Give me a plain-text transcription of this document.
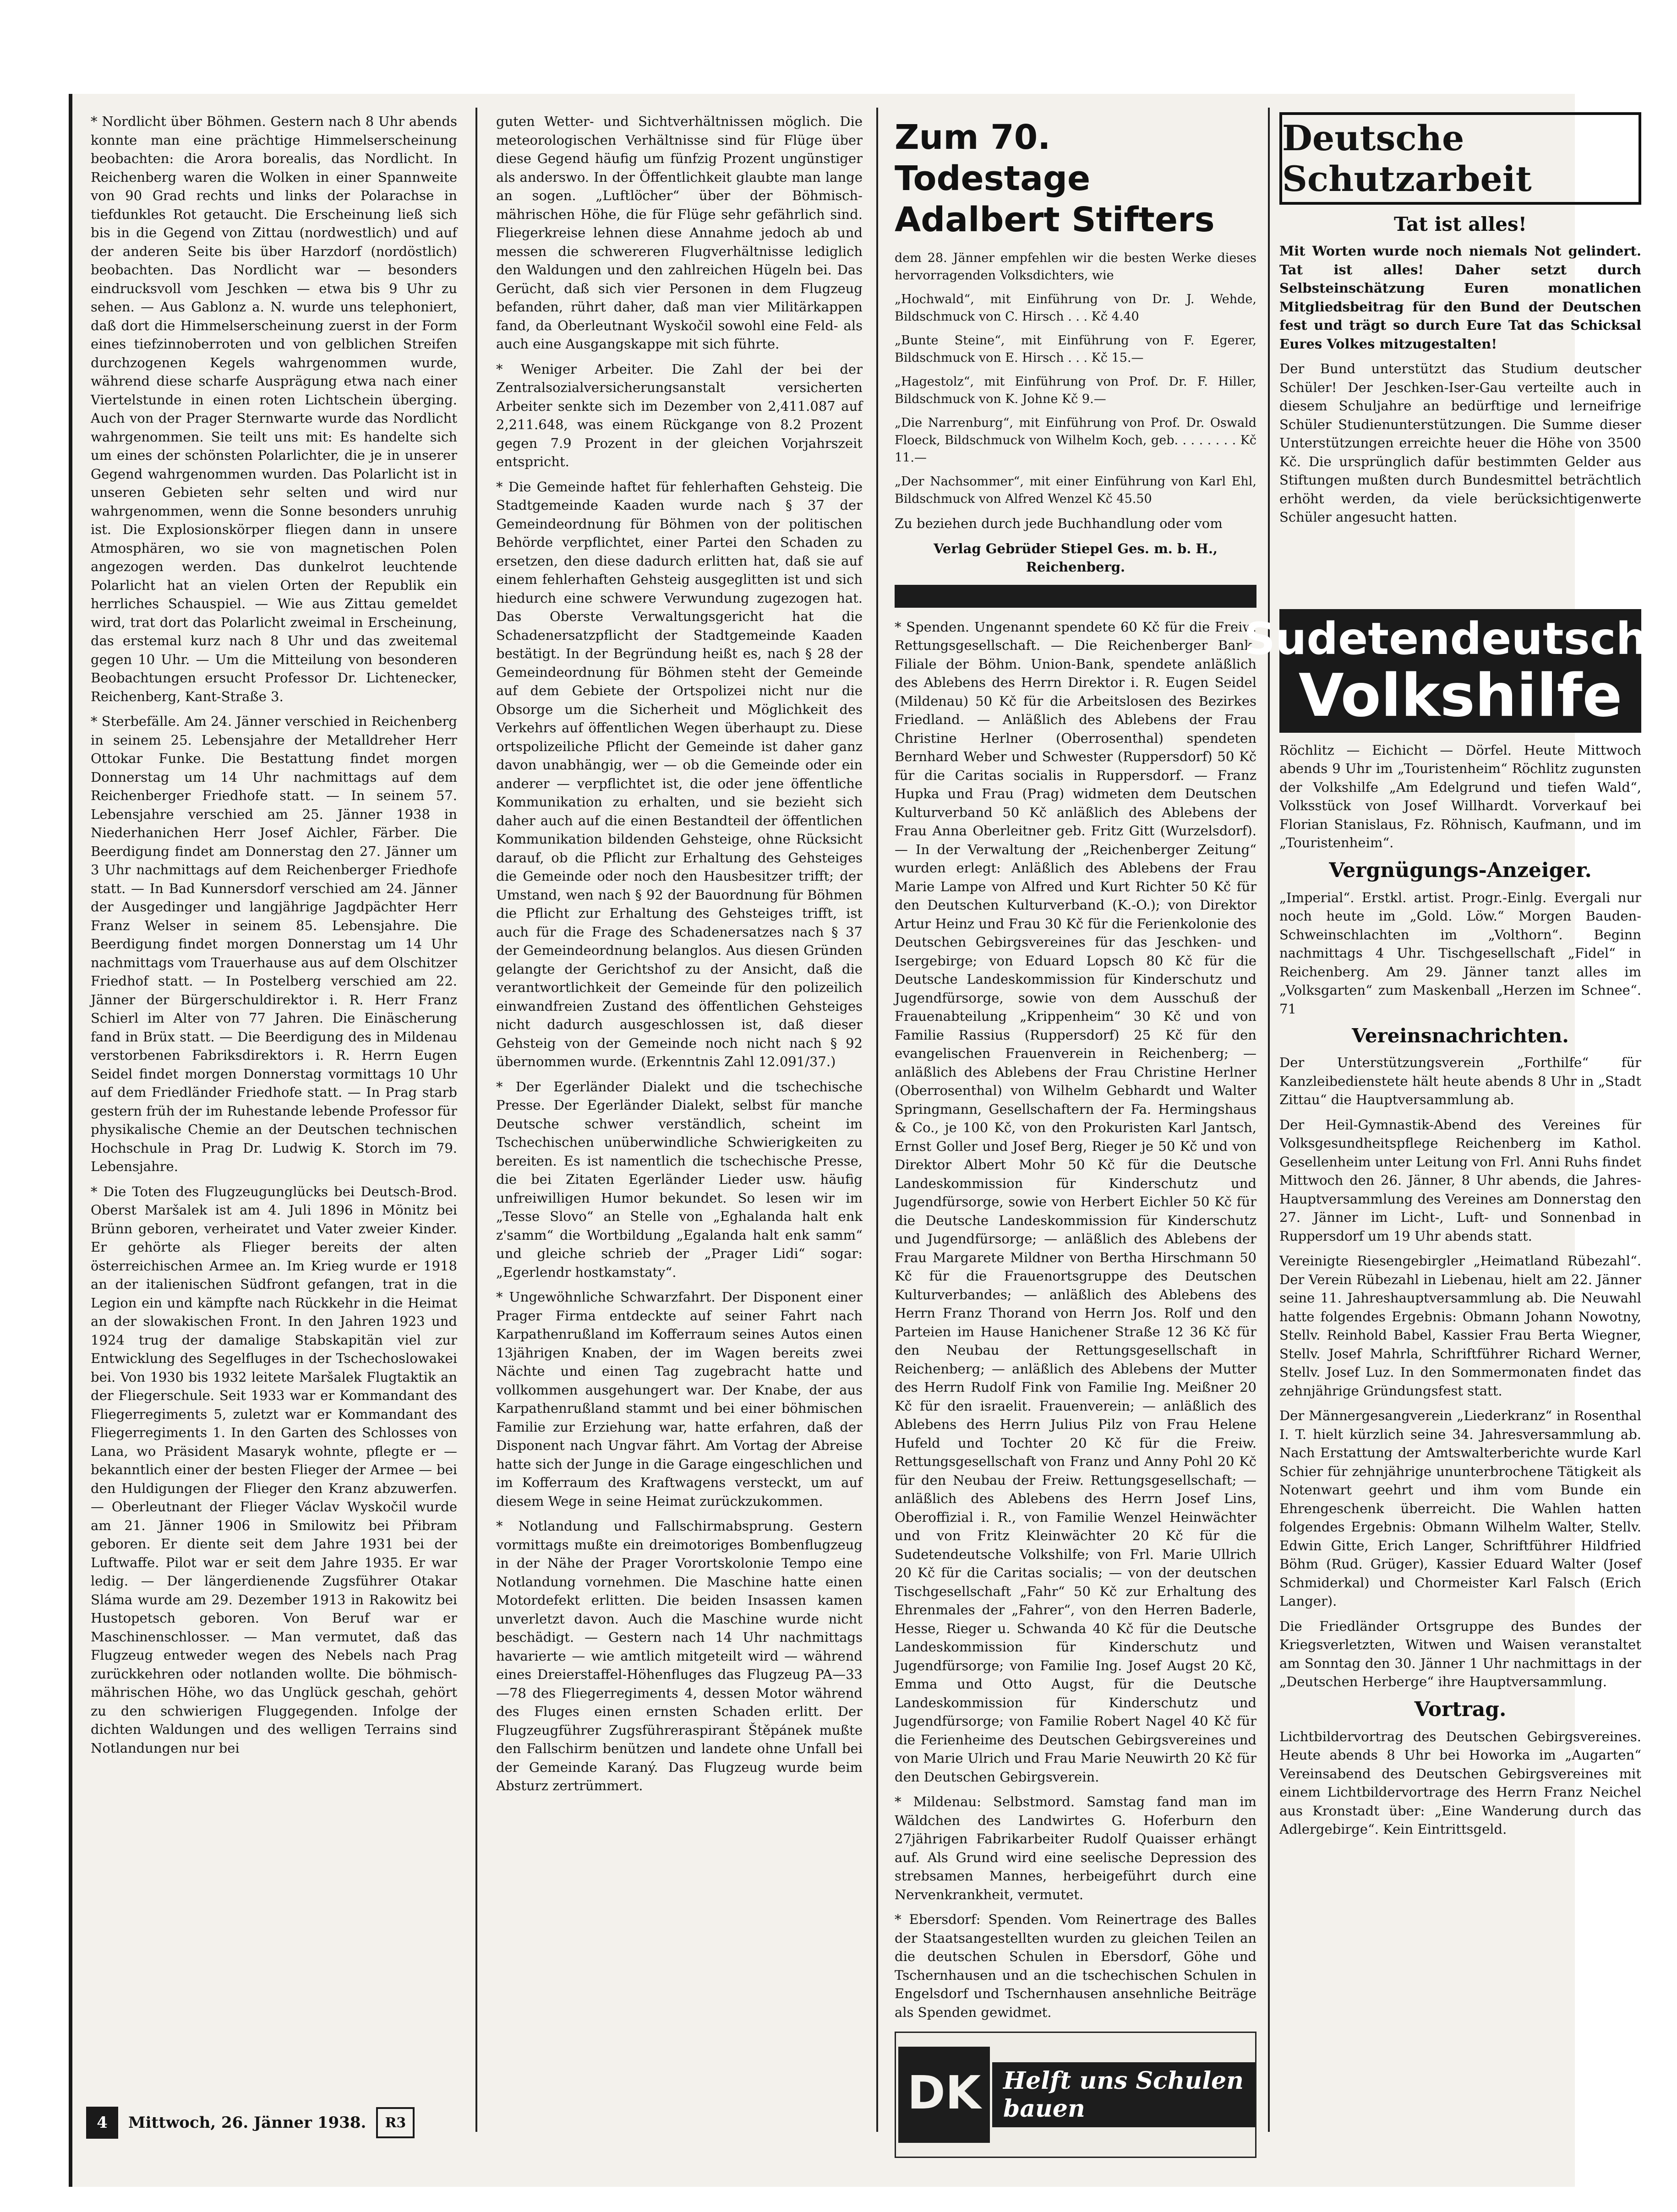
* Nordlicht über Böhmen. Gestern nach 8 Uhr abends konnte man eine prächtige Himmelserscheinung beobachten: die Arora borealis, das Nordlicht. In Reichenberg waren die Wolken in einer Spannweite von 90 Grad rechts und links der Polarachse in tiefdunkles Rot getaucht. Die Erscheinung ließ sich bis in die Gegend von Zittau (nordwestlich) und auf der anderen Seite bis über Harzdorf (nordöstlich) beobachten. Das Nordlicht war — besonders eindrucksvoll vom Jeschken — etwa bis 9 Uhr zu sehen. — Aus Gablonz a. N. wurde uns telephoniert, daß dort die Himmelserscheinung zuerst in der Form eines tiefzinnoberroten und von gelblichen Streifen durchzogenen Kegels wahrgenommen wurde, während diese scharfe Ausprägung etwa nach einer Viertelstunde in einen roten Lichtschein überging. Auch von der Prager Sternwarte wurde das Nordlicht wahrgenommen. Sie teilt uns mit: Es handelte sich um eines der schönsten Polarlichter, die je in unserer Gegend wahrgenommen wurden. Das Polarlicht ist in unseren Gebieten sehr selten und wird nur wahrgenommen, wenn die Sonne besonders unruhig ist. Die Explosionskörper fliegen dann in unsere Atmosphären, wo sie von magnetischen Polen angezogen werden. Das dunkelrot leuchtende Polarlicht hat an vielen Orten der Republik ein herrliches Schauspiel. — Wie aus Zittau gemeldet wird, trat dort das Polarlicht zweimal in Erscheinung, das erstemal kurz nach 8 Uhr und das zweitemal gegen 10 Uhr. — Um die Mitteilung von besonderen Beobachtungen ersucht Professor Dr. Lichtenecker, Reichenberg, Kant-Straße 3.

* Sterbefälle. Am 24. Jänner verschied in Reichenberg in seinem 25. Lebensjahre der Metalldreher Herr Ottokar Funke. Die Bestattung findet morgen Donnerstag um 14 Uhr nachmittags auf dem Reichenberger Friedhofe statt. — In seinem 57. Lebensjahre verschied am 25. Jänner 1938 in Niederhanichen Herr Josef Aichler, Färber. Die Beerdigung findet am Donnerstag den 27. Jänner um 3 Uhr nachmittags auf dem Reichenberger Friedhofe statt. — In Bad Kunnersdorf verschied am 24. Jänner der Ausgedinger und langjährige Jagdpächter Herr Franz Welser in seinem 85. Lebensjahre. Die Beerdigung findet morgen Donnerstag um 14 Uhr nachmittags vom Trauerhause aus auf dem Olschitzer Friedhof statt. — In Postelberg verschied am 22. Jänner der Bürgerschuldirektor i. R. Herr Franz Schierl im Alter von 77 Jahren. Die Einäscherung fand in Brüx statt. — Die Beerdigung des in Mildenau verstorbenen Fabriksdirektors i. R. Herrn Eugen Seidel findet morgen Donnerstag vormittags 10 Uhr auf dem Friedländer Friedhofe statt. — In Prag starb gestern früh der im Ruhestande lebende Professor für physikalische Chemie an der Deutschen technischen Hochschule in Prag Dr. Ludwig K. Storch im 79. Lebensjahre.

* Die Toten des Flugzeugunglücks bei Deutsch-Brod. Oberst Maršalek ist am 4. Juli 1896 in Mönitz bei Brünn geboren, verheiratet und Vater zweier Kinder. Er gehörte als Flieger bereits der alten österreichischen Armee an. Im Krieg wurde er 1918 an der italienischen Südfront gefangen, trat in die Legion ein und kämpfte nach Rückkehr in die Heimat an der slowakischen Front. In den Jahren 1923 und 1924 trug der damalige Stabskapitän viel zur Entwicklung des Segelfluges in der Tschechoslowakei bei. Von 1930 bis 1932 leitete Maršalek Flugtaktik an der Fliegerschule. Seit 1933 war er Kommandant des Fliegerregiments 5, zuletzt war er Kommandant des Fliegerregiments 1. In den Garten des Schlosses von Lana, wo Präsident Masaryk wohnte, pflegte er — bekanntlich einer der besten Flieger der Armee — bei den Huldigungen der Flieger den Kranz abzuwerfen. — Oberleutnant der Flieger Václav Wyskočil wurde am 21. Jänner 1906 in Smilowitz bei Přibram geboren. Er diente seit dem Jahre 1931 bei der Luftwaffe. Pilot war er seit dem Jahre 1935. Er war ledig. — Der längerdienende Zugsführer Otakar Sláma wurde am 29. Dezember 1913 in Rakowitz bei Hustopetsch geboren. Von Beruf war er Maschinenschlosser. — Man vermutet, daß das Flugzeug entweder wegen des Nebels nach Prag zurückkehren oder notlanden wollte. Die böhmisch-mährischen Höhe, wo das Unglück geschah, gehört zu den schwierigen Fluggegenden. Infolge der dichten Waldungen und des welligen Terrains sind Notlandungen nur bei

4	Mittwoch, 26. Jänner 1938.	R3

guten Wetter- und Sichtverhältnissen möglich. Die meteorologischen Verhältnisse sind für Flüge über diese Gegend häufig um fünfzig Prozent ungünstiger als anderswo. In der Öffentlichkeit glaubte man lange an sogen. „Luftlöcher“ über der Böhmisch-mährischen Höhe, die für Flüge sehr gefährlich sind. Fliegerkreise lehnen diese Annahme jedoch ab und messen die schwereren Flugverhältnisse lediglich den Waldungen und den zahlreichen Hügeln bei. Das Gerücht, daß sich vier Personen in dem Flugzeug befanden, rührt daher, daß man vier Militärkappen fand, da Oberleutnant Wyskočil sowohl eine Feld- als auch eine Ausgangskappe mit sich führte.

* Weniger Arbeiter. Die Zahl der bei der Zentralsozialversicherungsanstalt versicherten Arbeiter senkte sich im Dezember von 2,411.087 auf 2,211.648, was einem Rückgange von 8.2 Prozent gegen 7.9 Prozent in der gleichen Vorjahrszeit entspricht.

* Die Gemeinde haftet für fehlerhaften Gehsteig. Die Stadtgemeinde Kaaden wurde nach § 37 der Gemeindeordnung für Böhmen von der politischen Behörde verpflichtet, einer Partei den Schaden zu ersetzen, den diese dadurch erlitten hat, daß sie auf einem fehlerhaften Gehsteig ausgeglitten ist und sich hiedurch eine schwere Verwundung zugezogen hat. Das Oberste Verwaltungsgericht hat die Schadenersatzpflicht der Stadtgemeinde Kaaden bestätigt. In der Begründung heißt es, nach § 28 der Gemeindeordnung für Böhmen steht der Gemeinde auf dem Gebiete der Ortspolizei nicht nur die Obsorge um die Sicherheit und Möglichkeit des Verkehrs auf öffentlichen Wegen überhaupt zu. Diese ortspolizeiliche Pflicht der Gemeinde ist daher ganz davon unabhängig, wer — ob die Gemeinde oder ein anderer — verpflichtet ist, die oder jene öffentliche Kommunikation zu erhalten, und sie bezieht sich daher auch auf die einen Bestandteil der öffentlichen Kommunikation bildenden Gehsteige, ohne Rücksicht darauf, ob die Pflicht zur Erhaltung des Gehsteiges die Gemeinde oder noch den Hausbesitzer trifft; der Umstand, wen nach § 92 der Bauordnung für Böhmen die Pflicht zur Erhaltung des Gehsteiges trifft, ist auch für die Frage des Schadenersatzes nach § 37 der Gemeindeordnung belanglos. Aus diesen Gründen gelangte der Gerichtshof zu der Ansicht, daß die verantwortlichkeit der Gemeinde für den polizeilich einwandfreien Zustand des öffentlichen Gehsteiges nicht dadurch ausgeschlossen ist, daß dieser Gehsteig von der Gemeinde noch nicht nach § 92 übernommen wurde. (Erkenntnis Zahl 12.091/37.)

* Der Egerländer Dialekt und die tschechische Presse. Der Egerländer Dialekt, selbst für manche Deutsche schwer verständlich, scheint im Tschechischen unüberwindliche Schwierigkeiten zu bereiten. Es ist namentlich die tschechische Presse, die bei Zitaten Egerländer Lieder usw. häufig unfreiwilligen Humor bekundet. So lesen wir im „Tesse Slovo“ an Stelle von „Eghalanda halt enk z'samm“ die Wortbildung „Egalanda halt enk samm“ und gleiche schrieb der „Prager Lidi“ sogar: „Egerlendr hostkamstaty“.

* Ungewöhnliche Schwarzfahrt. Der Disponent einer Prager Firma entdeckte auf seiner Fahrt nach Karpathenrußland im Kofferraum seines Autos einen 13jährigen Knaben, der im Wagen bereits zwei Nächte und einen Tag zugebracht hatte und vollkommen ausgehungert war. Der Knabe, der aus Karpathenrußland stammt und bei einer böhmischen Familie zur Erziehung war, hatte erfahren, daß der Disponent nach Ungvar fährt. Am Vortag der Abreise hatte sich der Junge in die Garage eingeschlichen und im Kofferraum des Kraftwagens versteckt, um auf diesem Wege in seine Heimat zurückzukommen.

* Notlandung und Fallschirmabsprung. Gestern vormittags mußte ein dreimotoriges Bombenflugzeug in der Nähe der Prager Vorortskolonie Tempo eine Notlandung vornehmen. Die Maschine hatte einen Motordefekt erlitten. Die beiden Insassen kamen unverletzt davon. Auch die Maschine wurde nicht beschädigt. — Gestern nach 14 Uhr nachmittags havarierte — wie amtlich mitgeteilt wird — während eines Dreierstaffel-Höhenfluges das Flugzeug PA—33—78 des Fliegerregiments 4, dessen Motor während des Fluges einen ernsten Schaden erlitt. Der Flugzeugführer Zugsführeraspirant Štěpánek mußte den Fallschirm benützen und landete ohne Unfall bei der Gemeinde Karaný. Das Flugzeug wurde beim Absturz zertrümmert.

Zum 70. Todestage Adalbert Stifters

dem 28. Jänner empfehlen wir die besten Werke dieses hervorragenden Volksdichters, wie

„Hochwald“, mit Einführung von Dr. J. Wehde, Bildschmuck von C. Hirsch . . . Kč 4.40

„Bunte Steine“, mit Einführung von F. Egerer, Bildschmuck von E. Hirsch . . . Kč 15.—

„Hagestolz“, mit Einführung von Prof. Dr. F. Hiller, Bildschmuck von K. Johne Kč 9.—

„Die Narrenburg“, mit Einführung von Prof. Dr. Oswald Floeck, Bildschmuck von Wilhelm Koch, geb. . . . . . . . Kč 11.—

„Der Nachsommer“, mit einer Einführung von Karl Ehl, Bildschmuck von Alfred Wenzel Kč 45.50

Zu beziehen durch jede Buchhandlung oder vom

Verlag Gebrüder Stiepel Ges. m. b. H., Reichenberg.

* Spenden. Ungenannt spendete 60 Kč für die Freiw. Rettungsgesellschaft. — Die Reichenberger Bank, Filiale der Böhm. Union-Bank, spendete anläßlich des Ablebens des Herrn Direktor i. R. Eugen Seidel (Mildenau) 50 Kč für die Arbeitslosen des Bezirkes Friedland. — Anläßlich des Ablebens der Frau Christine Herlner (Oberrosenthal) spendeten Bernhard Weber und Schwester (Ruppersdorf) 50 Kč für die Caritas socialis in Ruppersdorf. — Franz Hupka und Frau (Prag) widmeten dem Deutschen Kulturverband 50 Kč anläßlich des Ablebens der Frau Anna Oberleitner geb. Fritz Gitt (Wurzelsdorf). — In der Verwaltung der „Reichenberger Zeitung“ wurden erlegt: Anläßlich des Ablebens der Frau Marie Lampe von Alfred und Kurt Richter 50 Kč für den Deutschen Kulturverband (K.-O.); von Direktor Artur Heinz und Frau 30 Kč für die Ferienkolonie des Deutschen Gebirgsvereines für das Jeschken- und Isergebirge; von Eduard Lopsch 80 Kč für die Deutsche Landeskommission für Kinderschutz und Jugendfürsorge, sowie von dem Ausschuß der Frauenabteilung „Krippenheim“ 30 Kč und von Familie Rassius (Ruppersdorf) 25 Kč für den evangelischen Frauenverein in Reichenberg; — anläßlich des Ablebens der Frau Christine Herlner (Oberrosenthal) von Wilhelm Gebhardt und Walter Springmann, Gesellschaftern der Fa. Hermingshaus & Co., je 100 Kč, von den Prokuristen Karl Jantsch, Ernst Goller und Josef Berg, Rieger je 50 Kč und von Direktor Albert Mohr 50 Kč für die Deutsche Landeskommission für Kinderschutz und Jugendfürsorge, sowie von Herbert Eichler 50 Kč für die Deutsche Landeskommission für Kinderschutz und Jugendfürsorge; — anläßlich des Ablebens der Frau Margarete Mildner von Bertha Hirschmann 50 Kč für die Frauenortsgruppe des Deutschen Kulturverbandes; — anläßlich des Ablebens des Herrn Franz Thorand von Herrn Jos. Rolf und den Parteien im Hause Hanichener Straße 12 36 Kč für den Neubau der Rettungsgesellschaft in Reichenberg; — anläßlich des Ablebens der Mutter des Herrn Rudolf Fink von Familie Ing. Meißner 20 Kč für den israelit. Frauenverein; — anläßlich des Ablebens des Herrn Julius Pilz von Frau Helene Hufeld und Tochter 20 Kč für die Freiw. Rettungsgesellschaft von Franz und Anny Pohl 20 Kč für den Neubau der Freiw. Rettungsgesellschaft; — anläßlich des Ablebens des Herrn Josef Lins, Oberoffizial i. R., von Familie Wenzel Heinwächter und von Fritz Kleinwächter 20 Kč für die Sudetendeutsche Volkshilfe; von Frl. Marie Ullrich 20 Kč für die Caritas socialis; — von der deutschen Tischgesellschaft „Fahr“ 50 Kč zur Erhaltung des Ehrenmales der „Fahrer“, von den Herren Baderle, Hesse, Rieger u. Schwanda 40 Kč für die Deutsche Landeskommission für Kinderschutz und Jugendfürsorge; von Familie Ing. Josef Augst 20 Kč, Emma und Otto Augst, für die Deutsche Landeskommission für Kinderschutz und Jugendfürsorge; von Familie Robert Nagel 40 Kč für die Ferienheime des Deutschen Gebirgsvereines und von Marie Ulrich und Frau Marie Neuwirth 20 Kč für den Deutschen Gebirgsverein.

* Mildenau: Selbstmord. Samstag fand man im Wäldchen des Landwirtes G. Hoferburn den 27jährigen Fabrikarbeiter Rudolf Quaisser erhängt auf. Als Grund wird eine seelische Depression des strebsamen Mannes, herbeigeführt durch eine Nervenkrankheit, vermutet.

* Ebersdorf: Spenden. Vom Reinertrage des Balles der Staatsangestellten wurden zu gleichen Teilen an die deutschen Schulen in Ebersdorf, Göhe und Tschernhausen und an die tschechischen Schulen in Engelsdorf und Tschernhausen ansehnliche Beiträge als Spenden gewidmet.

DK Helft uns Schulen bauen
Deutsche Schutzarbeit
Tat ist alles!

Mit Worten wurde noch niemals Not gelindert. Tat ist alles! Daher setzt durch Selbsteinschätzung Euren monatlichen Mitgliedsbeitrag für den Bund der Deutschen fest und trägt so durch Eure Tat das Schicksal Eures Volkes mitzugestalten!

Der Bund unterstützt das Studium deutscher Schüler! Der Jeschken-Iser-Gau verteilte auch in diesem Schuljahre an bedürftige und lerneifrige Schüler Studienunterstützungen. Die Summe dieser Unterstützungen erreichte heuer die Höhe von 3500 Kč. Die ursprünglich dafür bestimmten Gelder aus Stiftungen mußten durch Bundesmittel beträchtlich erhöht werden, da viele berücksichtigenwerte Schüler angesucht hatten.

Sudetendeutsche
Volkshilfe

Röchlitz — Eichicht — Dörfel. Heute Mittwoch abends 9 Uhr im „Touristenheim“ Röchlitz zugunsten der Volkshilfe „Am Edelgrund und tiefen Wald“, Volksstück von Josef Willhardt. Vorverkauf bei Florian Stanislaus, Fz. Röhnisch, Kaufmann, und im „Touristenheim“.

Vergnügungs-Anzeiger.

„Imperial“. Erstkl. artist. Progr.-Einlg. Evergali nur noch heute im „Gold. Löw.“ Morgen Bauden-Schweinschlachten im „Volthorn“. Beginn nachmittags 4 Uhr. Tischgesellschaft „Fidel“ in Reichenberg. Am 29. Jänner tanzt alles im „Volksgarten“ zum Maskenball „Herzen im Schnee“. 71

Vereinsnachrichten.

Der Unterstützungsverein „Forthilfe“ für Kanzleibedienstete hält heute abends 8 Uhr in „Stadt Zittau“ die Hauptversammlung ab.

Der Heil-Gymnastik-Abend des Vereines für Volksgesundheitspflege Reichenberg im Kathol. Gesellenheim unter Leitung von Frl. Anni Ruhs findet Mittwoch den 26. Jänner, 8 Uhr abends, die Jahres-Hauptversammlung des Vereines am Donnerstag den 27. Jänner im Licht-, Luft- und Sonnenbad in Ruppersdorf um 19 Uhr abends statt.

Vereinigte Riesengebirgler „Heimatland Rübezahl“. Der Verein Rübezahl in Liebenau, hielt am 22. Jänner seine 11. Jahreshauptversammlung ab. Die Neuwahl hatte folgendes Ergebnis: Obmann Johann Nowotny, Stellv. Reinhold Babel, Kassier Frau Berta Wiegner, Stellv. Josef Mahrla, Schriftführer Richard Werner, Stellv. Josef Luz. In den Sommermonaten findet das zehnjährige Gründungsfest statt.

Der Männergesangverein „Liederkranz“ in Rosenthal I. T. hielt kürzlich seine 34. Jahresversammlung ab. Nach Erstattung der Amtswalterberichte wurde Karl Schier für zehnjährige ununterbrochene Tätigkeit als Notenwart geehrt und ihm vom Bunde ein Ehrengeschenk überreicht. Die Wahlen hatten folgendes Ergebnis: Obmann Wilhelm Walter, Stellv. Edwin Gitte, Erich Langer, Schriftführer Hildfried Böhm (Rud. Grüger), Kassier Eduard Walter (Josef Schmiderkal) und Chormeister Karl Falsch (Erich Langer).

Die Friedländer Ortsgruppe des Bundes der Kriegsverletzten, Witwen und Waisen veranstaltet am Sonntag den 30. Jänner 1 Uhr nachmittags in der „Deutschen Herberge“ ihre Hauptversammlung.

Vortrag.

Lichtbildervortrag des Deutschen Gebirgsvereines. Heute abends 8 Uhr bei Howorka im „Augarten“ Vereinsabend des Deutschen Gebirgsvereines mit einem Lichtbildervortrage des Herrn Franz Neichel aus Kronstadt über: „Eine Wanderung durch das Adlergebirge“. Kein Eintrittsgeld.
